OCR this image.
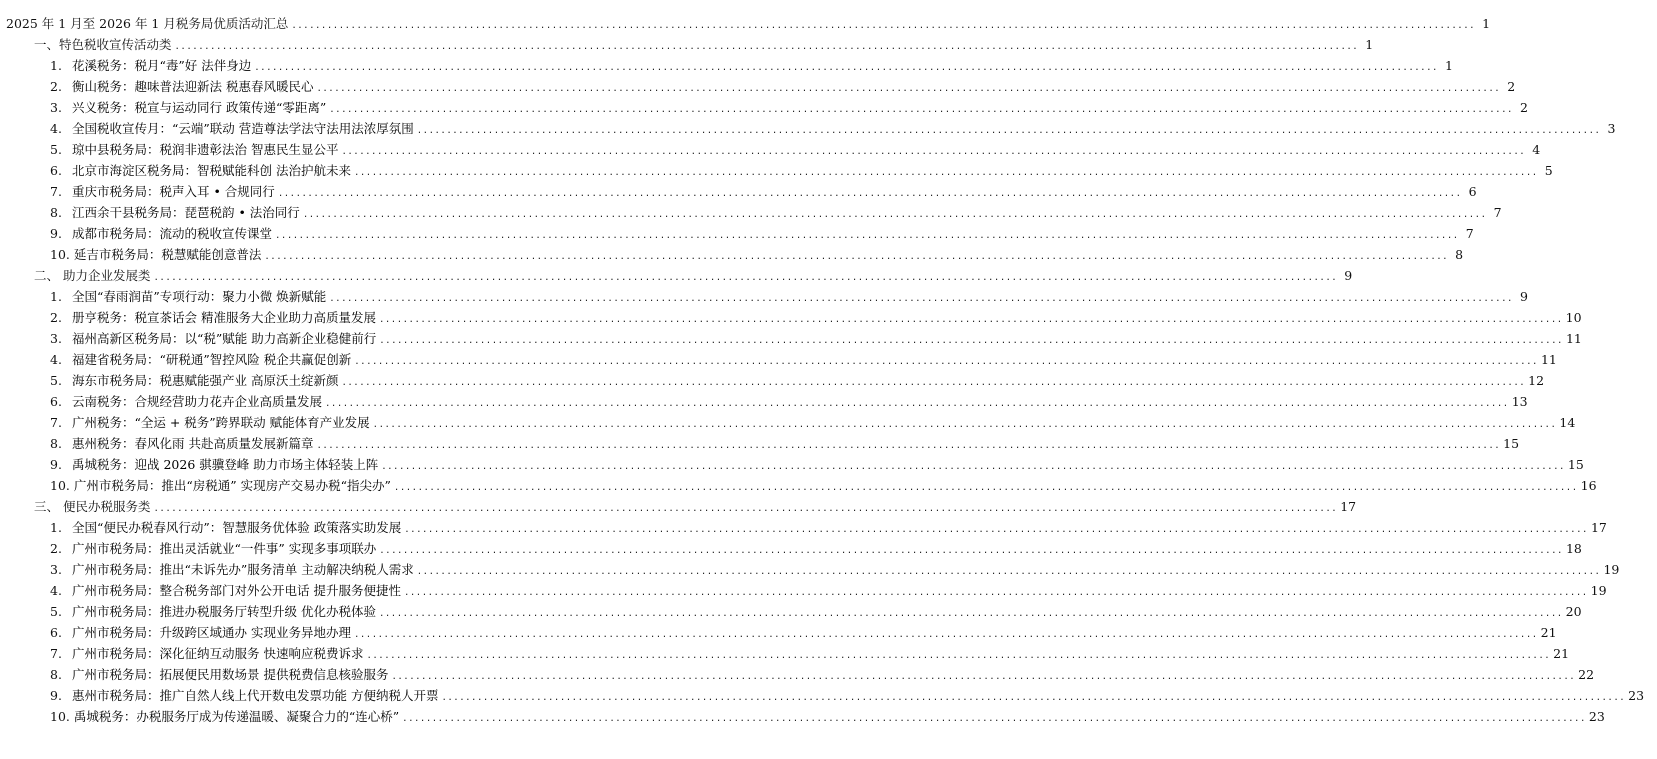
2025 年 1 月至 2026 年 1 月税务局优质活动汇总 ........................................................................................................................................................................................................ 1
一、特色税收宣传活动类 ........................................................................................................................................................................................................ 1
1. 花溪税务：税月“毒”好 法伴身边 ........................................................................................................................................................................................................ 1
2. 衡山税务：趣味普法迎新法 税惠春风暖民心 ........................................................................................................................................................................................................ 2
3. 兴义税务：税宣与运动同行 政策传递“零距离” ........................................................................................................................................................................................................ 2
4. 全国税收宣传月：“云端”联动 营造尊法学法守法用法浓厚氛围 ........................................................................................................................................................................................................ 3
5. 琼中县税务局：税润非遗彰法治 智惠民生显公平 ........................................................................................................................................................................................................ 4
6. 北京市海淀区税务局：智税赋能科创 法治护航未来 ........................................................................................................................................................................................................ 5
7. 重庆市税务局：税声入耳 • 合规同行 ........................................................................................................................................................................................................ 6
8. 江西余干县税务局：琵琶税韵 • 法治同行 ........................................................................................................................................................................................................ 7
9. 成都市税务局：流动的税收宣传课堂 ........................................................................................................................................................................................................ 7
10. 延吉市税务局：税慧赋能创意普法 ........................................................................................................................................................................................................ 8
二、 助力企业发展类 ........................................................................................................................................................................................................ 9
1. 全国“春雨润苗”专项行动：聚力小微 焕新赋能 ........................................................................................................................................................................................................ 9
2. 册亨税务：税宣茶话会 精准服务大企业助力高质量发展 ........................................................................................................................................................................................................ 10
3. 福州高新区税务局：以“税”赋能 助力高新企业稳健前行 ........................................................................................................................................................................................................ 11
4. 福建省税务局：“研税通”智控风险 税企共赢促创新 ........................................................................................................................................................................................................ 11
5. 海东市税务局：税惠赋能强产业 高原沃土绽新颜 ........................................................................................................................................................................................................ 12
6. 云南税务：合规经营助力花卉企业高质量发展 ........................................................................................................................................................................................................ 13
7. 广州税务：“全运 + 税务”跨界联动 赋能体育产业发展 ........................................................................................................................................................................................................ 14
8. 惠州税务：春风化雨 共赴高质量发展新篇章 ........................................................................................................................................................................................................ 15
9. 禹城税务：迎战 2026 骐骥登峰 助力市场主体轻装上阵 ........................................................................................................................................................................................................ 15
10. 广州市税务局：推出“房税通” 实现房产交易办税“指尖办” ........................................................................................................................................................................................................ 16
三、 便民办税服务类 ........................................................................................................................................................................................................ 17
1. 全国“便民办税春风行动”：智慧服务优体验 政策落实助发展 ........................................................................................................................................................................................................ 17
2. 广州市税务局：推出灵活就业“一件事” 实现多事项联办 ........................................................................................................................................................................................................ 18
3. 广州市税务局：推出“未诉先办”服务清单 主动解决纳税人需求 ........................................................................................................................................................................................................ 19
4. 广州市税务局：整合税务部门对外公开电话 提升服务便捷性 ........................................................................................................................................................................................................ 19
5. 广州市税务局：推进办税服务厅转型升级 优化办税体验 ........................................................................................................................................................................................................ 20
6. 广州市税务局：升级跨区域通办 实现业务异地办理 ........................................................................................................................................................................................................ 21
7. 广州市税务局：深化征纳互动服务 快速响应税费诉求 ........................................................................................................................................................................................................ 21
8. 广州市税务局：拓展便民用数场景 提供税费信息核验服务 ........................................................................................................................................................................................................ 22
9. 惠州市税务局：推广自然人线上代开数电发票功能 方便纳税人开票 ........................................................................................................................................................................................................ 23
10. 禹城税务：办税服务厅成为传递温暖、凝聚合力的“连心桥” ........................................................................................................................................................................................................ 23
